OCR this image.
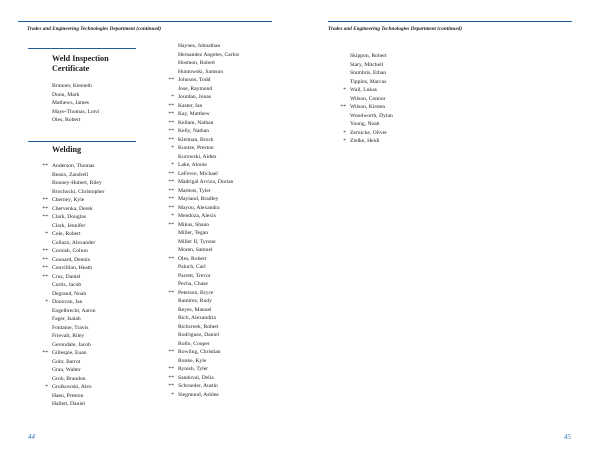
Trades and Engineering Technologies Department (continued)
Weld Inspection
Certificate
Brunner, Kenneth
Dunn, Mark
Mathews, James
Maye-Thomas, Lotvi
Oles, Robert
Welding
** Anderson, Thomas
Beaux, Zandrell
Bonney-Hubert, Riley
Brochocki, Christopher
** Cherney, Kyle
** Chervenka, Derek
** Clark, Douglas
Clark, Jennifer
* Cole, Robert
Collazo, Alexander
** Cornish, Colton
** Counard, Dennis
** Couvillion, Heath
** Cruz, Daniel
Curtis, Jacob
Degrand, Noah
* Donovan, Ian
Engelbrecht, Aaron
Fager, Isaiah
Fontaine, Travis
Frievalt, Riley
Gerondale, Jacob
** Gillespie, Euan
Gohr, Barrot
Grau, Walter
Groh, Brandon
* Grulkowski, Alex
Haen, Preston
Hallett, Daniel
Haynes, Johnathan
Hernandez Angeles, Carlos
Hosmon, Robert
Huntowski, Samson
** Johnson, Todd
Jose, Raymond
* Jourdan, Jonas
** Kaster, Ian
** Kay, Matthew
** Kellam, Nathan
** Kelly, Nathan
** Kleiman, Brock
* Kuntze, Preston
Kurowski, Aiden
* Lake, Alonie
** LeFevre, Michael
** Madrigal Arvizu, Dorian
** Martens, Tyler
** Mayland, Bradley
** Mayou, Alexandra
* Mendoza, Alexis
** Mikus, Shaun
Miller, Tegan
Miller II, Tyrone
Moren, Samuel
** Oles, Robert
Paluch, Carl
Parrett, Trevor
Pecha, Chase
** Peterson, Bryce
Ramirez, Rudy
Reyes, Manuel
Rich, Alexandria
Richcreek, Robert
Rodriguez, Daniel
Rollo, Cooper
** Rowling, Christian
Runke, Kyle
** Rynish, Tyler
** Sandoval, Delia
** Schroeder, Austin
* Siegmund, Ashlee
44
Trades and Engineering Technologies Department (continued)
Skippon, Robert
Stary, Mitchell
Stumbris, Ethan
Tippins, Marcus
* Wall, Lukas
Wilson, Connor
** Wilson, Kirsten
Woodworth, Dylan
Young, Noah
* Zernicke, Oliver
* Zielke, Heidi
45
